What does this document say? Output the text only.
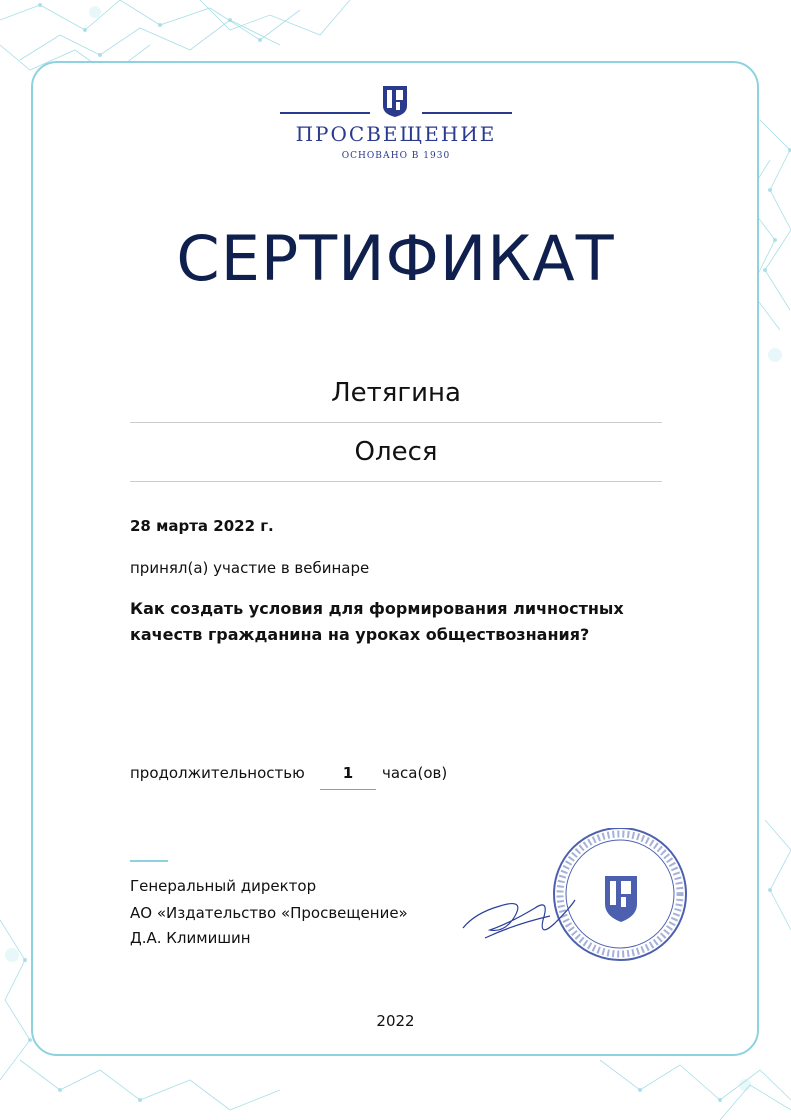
ПРОСВЕЩЕНИЕ
ОСНОВАНО В 1930
СЕРТИФИКАТ
Летягина
Олеся
28 марта 2022 г.
принял(а) участие в вебинаре
Как создать условия для формирования личностных
качеств гражданина на уроках обществознания?
продолжительностью	1	часа(ов)
Генеральный директор
АО «Издательство «Просвещение»
Д.А. Климишин
2022
